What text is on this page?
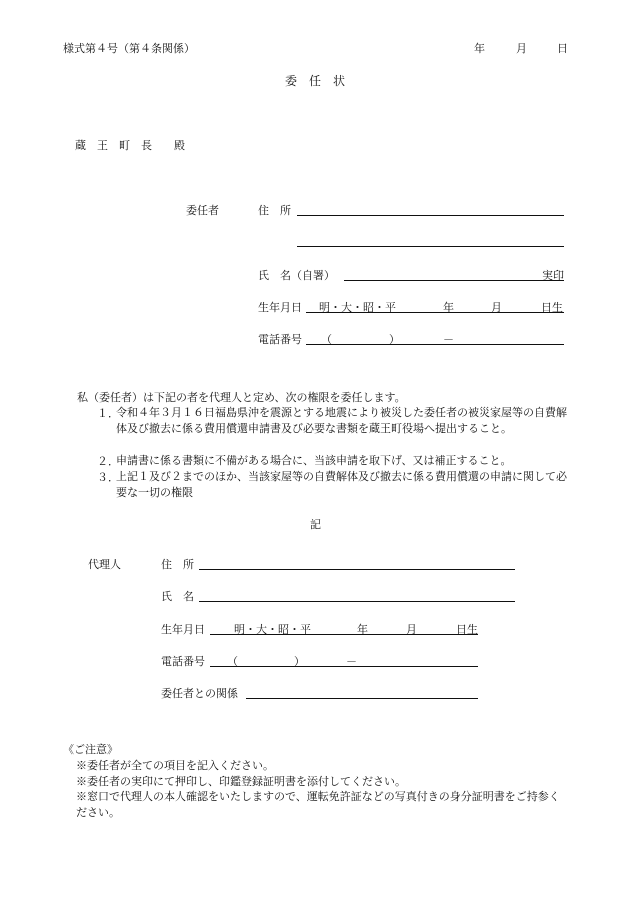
様式第４号（第４条関係）	年	月	日
委　任　状
蔵　王　町　長　　殿
委任者	住　所
氏　名（自署）	実印
生年月日 明・大・昭・平	年	月	日生
電話番号 （	）	－
私（委任者）は下記の者を代理人と定め、次の権限を委任します。
１．
令和４年３月１６日福島県沖を震源とする地震により被災した委任者の被災家屋等の自費解体及び撤去に係る費用償還申請書及び必要な書類を蔵王町役場へ提出すること。
２．
申請書に係る書類に不備がある場合に、当該申請を取下げ、又は補正すること。
３．
上記１及び２までのほか、当該家屋等の自費解体及び撤去に係る費用償還の申請に関して必要な一切の権限
記
代理人	住　所
氏　名
生年月日	明・大・昭・平	年	月	日生
電話番号 （	）	－
委任者との関係
《ご注意》
※委任者が全ての項目を記入ください。
※委任者の実印にて押印し、印鑑登録証明書を添付してください。
※窓口で代理人の本人確認をいたしますので、運転免許証などの写真付きの身分証明書をご持参ください。
